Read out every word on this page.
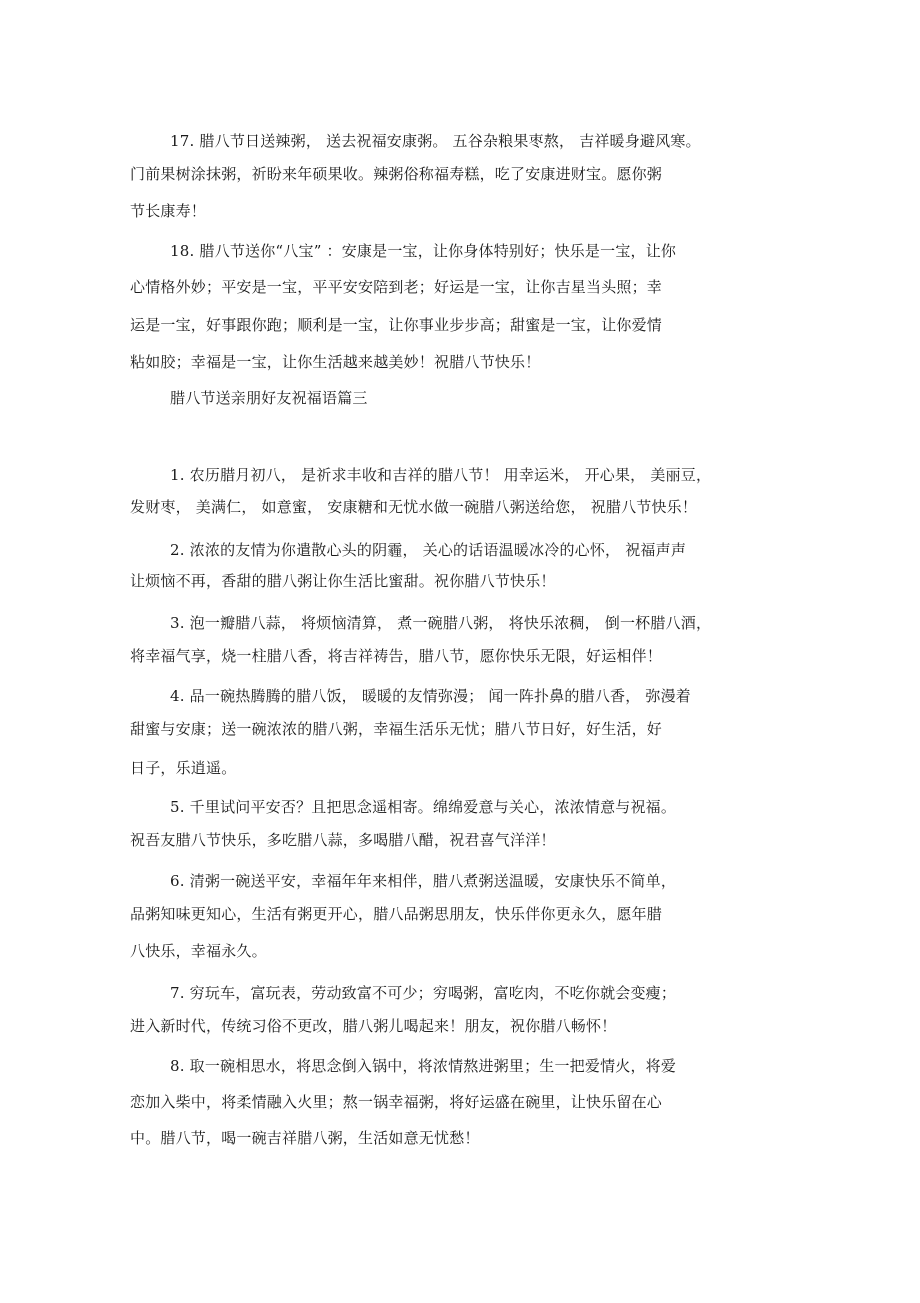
17. 腊八节日送辣粥， 送去祝福安康粥。 五谷杂粮果枣熬， 吉祥暖身避风寒。
门前果树涂抹粥，祈盼来年硕果收。辣粥俗称福寿糕，吃了安康进财宝。愿你粥
节长康寿！
18. 腊八节送你“八宝” ：安康是一宝，让你身体特别好；快乐是一宝，让你
心情格外妙；平安是一宝，平平安安陪到老；好运是一宝，让你吉星当头照；幸
运是一宝，好事跟你跑；顺利是一宝，让你事业步步高；甜蜜是一宝，让你爱情
粘如胶；幸福是一宝，让你生活越来越美妙！祝腊八节快乐！
腊八节送亲朋好友祝福语篇三
1. 农历腊月初八， 是祈求丰收和吉祥的腊八节！ 用幸运米， 开心果， 美丽豆，
发财枣， 美满仁， 如意蜜， 安康糖和无忧水做一碗腊八粥送给您， 祝腊八节快乐！
2. 浓浓的友情为你遣散心头的阴霾， 关心的话语温暖冰冷的心怀， 祝福声声
让烦恼不再，香甜的腊八粥让你生活比蜜甜。祝你腊八节快乐！
3. 泡一瓣腊八蒜， 将烦恼清算， 煮一碗腊八粥， 将快乐浓稠， 倒一杯腊八酒，
将幸福气享，烧一柱腊八香，将吉祥祷告，腊八节，愿你快乐无限，好运相伴！
4. 品一碗热腾腾的腊八饭， 暖暖的友情弥漫； 闻一阵扑鼻的腊八香， 弥漫着
甜蜜与安康；送一碗浓浓的腊八粥，幸福生活乐无忧；腊八节日好，好生活，好
日子，乐逍遥。
5. 千里试问平安否？且把思念遥相寄。绵绵爱意与关心，浓浓情意与祝福。
祝吾友腊八节快乐，多吃腊八蒜，多喝腊八醋，祝君喜气洋洋！
6. 清粥一碗送平安，幸福年年来相伴，腊八煮粥送温暖，安康快乐不简单，
品粥知味更知心，生活有粥更开心，腊八品粥思朋友，快乐伴你更永久，愿年腊
八快乐，幸福永久。
7. 穷玩车，富玩表，劳动致富不可少；穷喝粥，富吃肉，不吃你就会变瘦；
进入新时代，传统习俗不更改，腊八粥儿喝起来！朋友，祝你腊八畅怀！
8. 取一碗相思水，将思念倒入锅中，将浓情熬进粥里；生一把爱情火，将爱
恋加入柴中，将柔情融入火里；熬一锅幸福粥，将好运盛在碗里，让快乐留在心
中。腊八节，喝一碗吉祥腊八粥，生活如意无忧愁！
